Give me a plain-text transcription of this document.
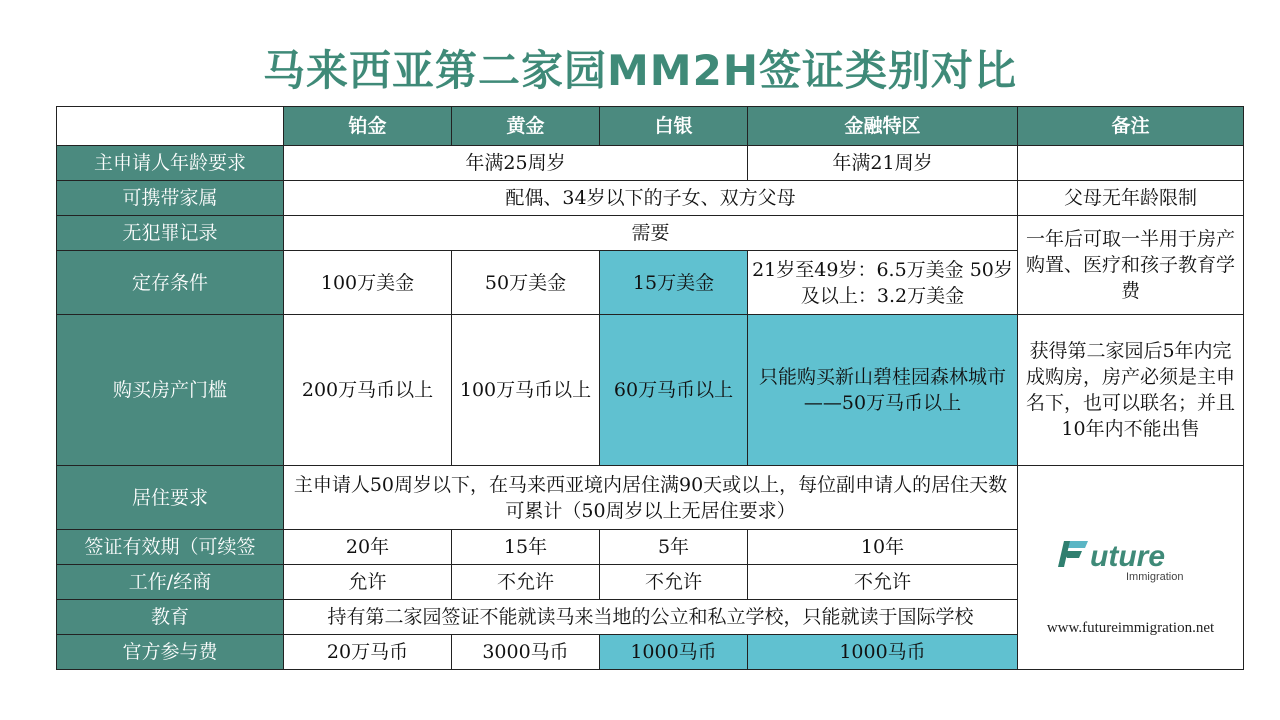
马来西亚第二家园MM2H签证类别对比
	铂金	黄金	白银	金融特区	备注
主申请人年龄要求	年满25周岁			年满21周岁	
可携带家属	配偶、34岁以下的子女、双方父母				父母无年龄限制
无犯罪记录	需要				一年后可取一半用于房产购置、医疗和孩子教育学费
定存条件	100万美金	50万美金	15万美金	21岁至49岁：6.5万美金 50岁及以上：3.2万美金	
购买房产门槛	200万马币以上	100万马币以上	60万马币以上	只能购买新山碧桂园森林城市——50万马币以上	获得第二家园后5年内完成购房，房产必须是主申名下，也可以联名；并且10年内不能出售
居住要求	主申请人50周岁以下，在马来西亚境内居住满90天或以上，每位副申请人的居住天数可累计（50周岁以上无居住要求）				uture
Immigration
www.futureimmigration.net

签证有效期（可续签	20年	15年	5年	10年	
工作/经商	允许	不允许	不允许	不允许	
教育	持有第二家园签证不能就读马来当地的公立和私立学校，只能就读于国际学校				
官方参与费	20万马币	3000马币	1000马币	1000马币	
